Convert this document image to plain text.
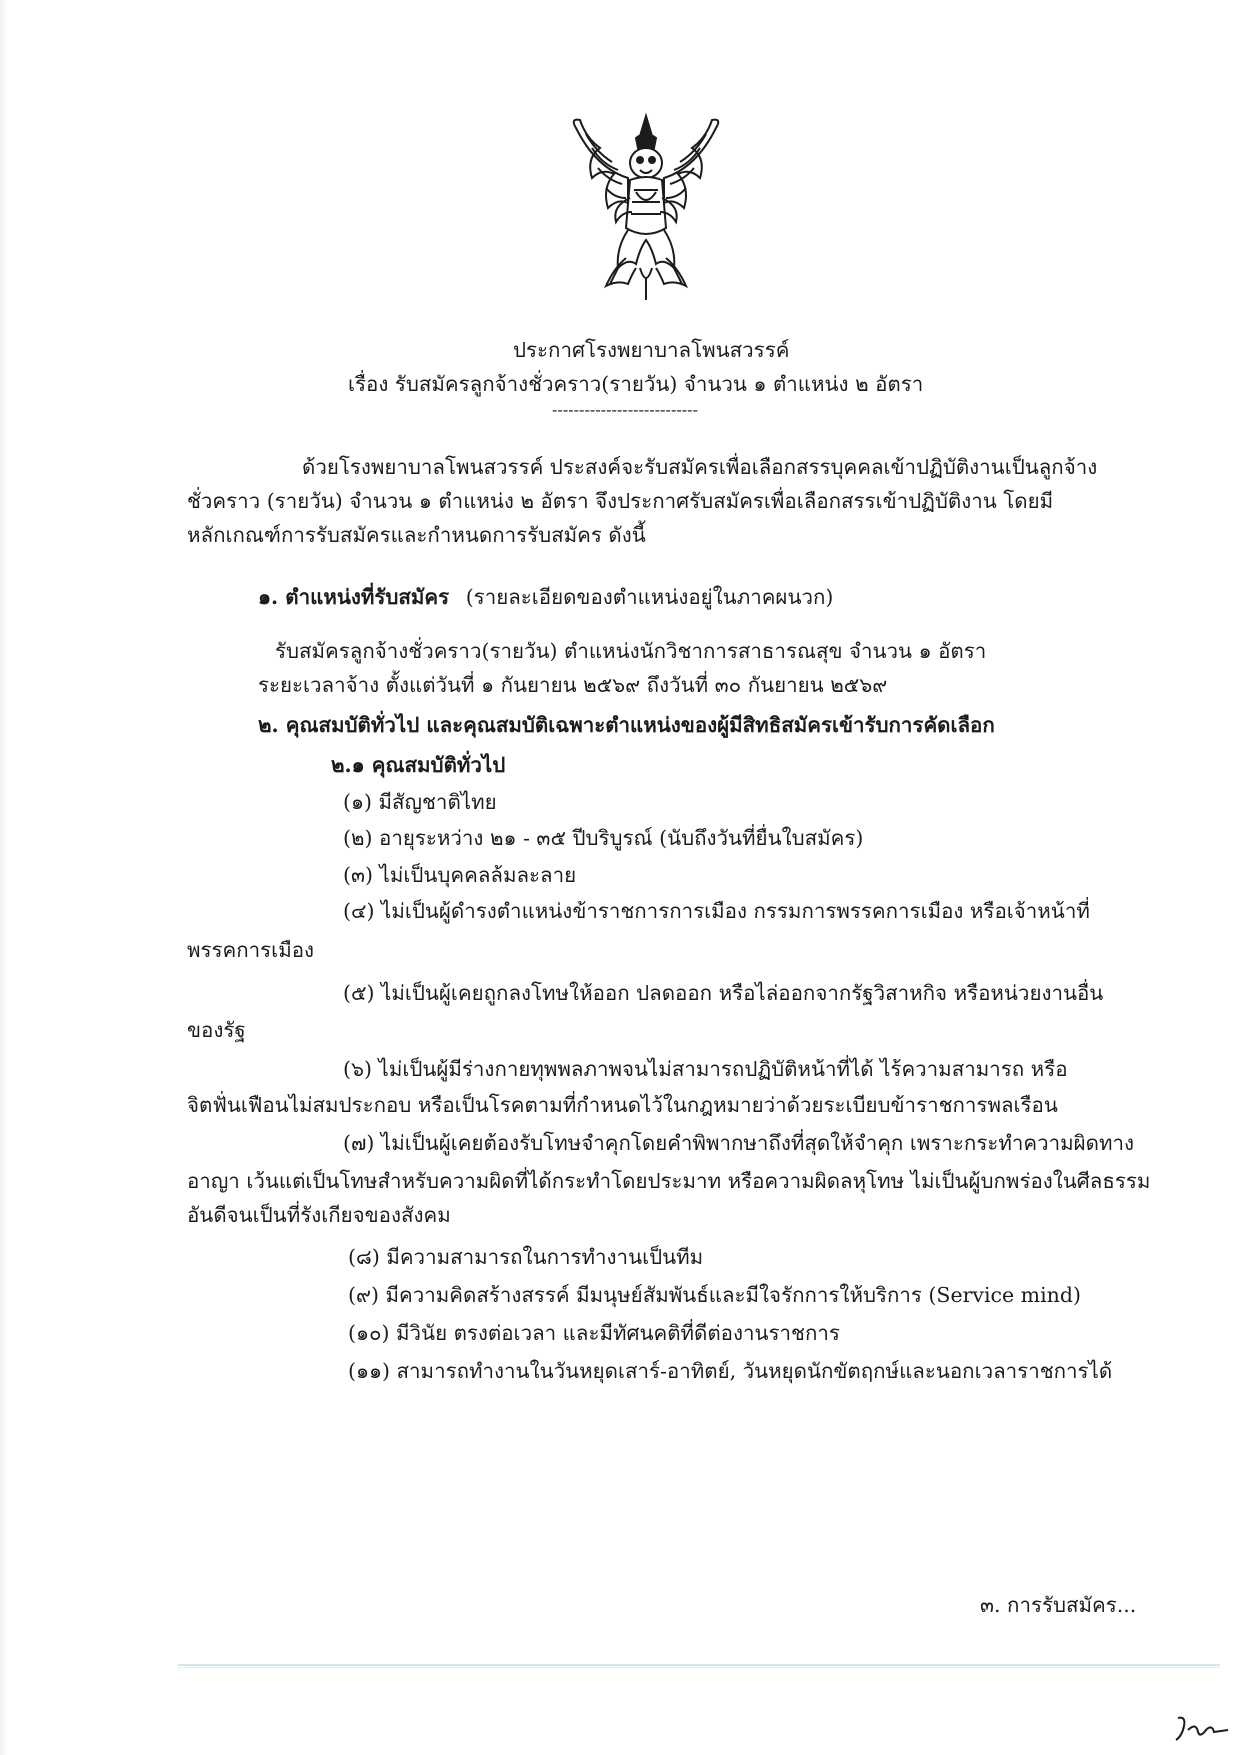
ประกาศโรงพยาบาลโพนสวรรค์
เรื่อง รับสมัครลูกจ้างชั่วคราว(รายวัน) จำนวน ๑ ตำแหน่ง ๒ อัตรา
---------------------------
ด้วยโรงพยาบาลโพนสวรรค์ ประสงค์จะรับสมัครเพื่อเลือกสรรบุคคลเข้าปฏิบัติงานเป็นลูกจ้าง
ชั่วคราว (รายวัน) จำนวน ๑ ตำแหน่ง ๒ อัตรา จึงประกาศรับสมัครเพื่อเลือกสรรเข้าปฏิบัติงาน โดยมี
หลักเกณฑ์การรับสมัครและกำหนดการรับสมัคร ดังนี้
๑. ตำแหน่งที่รับสมัคร (รายละเอียดของตำแหน่งอยู่ในภาคผนวก)
รับสมัครลูกจ้างชั่วคราว(รายวัน) ตำแหน่งนักวิชาการสาธารณสุข จำนวน ๑ อัตรา
ระยะเวลาจ้าง ตั้งแต่วันที่ ๑ กันยายน ๒๕๖๙ ถึงวันที่ ๓๐ กันยายน ๒๕๖๙
๒. คุณสมบัติทั่วไป และคุณสมบัติเฉพาะตำแหน่งของผู้มีสิทธิสมัครเข้ารับการคัดเลือก
๒.๑ คุณสมบัติทั่วไป
(๑) มีสัญชาติไทย
(๒) อายุระหว่าง ๒๑ - ๓๕ ปีบริบูรณ์ (นับถึงวันที่ยื่นใบสมัคร)
(๓) ไม่เป็นบุคคลล้มละลาย
(๔) ไม่เป็นผู้ดำรงตำแหน่งข้าราชการการเมือง กรรมการพรรคการเมือง หรือเจ้าหน้าที่
พรรคการเมือง
(๕) ไม่เป็นผู้เคยถูกลงโทษให้ออก ปลดออก หรือไล่ออกจากรัฐวิสาหกิจ หรือหน่วยงานอื่น
ของรัฐ
(๖) ไม่เป็นผู้มีร่างกายทุพพลภาพจนไม่สามารถปฏิบัติหน้าที่ได้ ไร้ความสามารถ หรือ
จิตฟั่นเฟือนไม่สมประกอบ หรือเป็นโรคตามที่กำหนดไว้ในกฎหมายว่าด้วยระเบียบข้าราชการพลเรือน
(๗) ไม่เป็นผู้เคยต้องรับโทษจำคุกโดยคำพิพากษาถึงที่สุดให้จำคุก เพราะกระทำความผิดทาง
อาญา เว้นแต่เป็นโทษสำหรับความผิดที่ได้กระทำโดยประมาท หรือความผิดลหุโทษ ไม่เป็นผู้บกพร่องในศีลธรรม
อันดีจนเป็นที่รังเกียจของสังคม
(๘) มีความสามารถในการทำงานเป็นทีม
(๙) มีความคิดสร้างสรรค์ มีมนุษย์สัมพันธ์และมีใจรักการให้บริการ (Service mind)
(๑๐) มีวินัย ตรงต่อเวลา และมีทัศนคติที่ดีต่องานราชการ
(๑๑) สามารถทำงานในวันหยุดเสาร์-อาทิตย์, วันหยุดนักขัตฤกษ์และนอกเวลาราชการได้
๓. การรับสมัคร...
